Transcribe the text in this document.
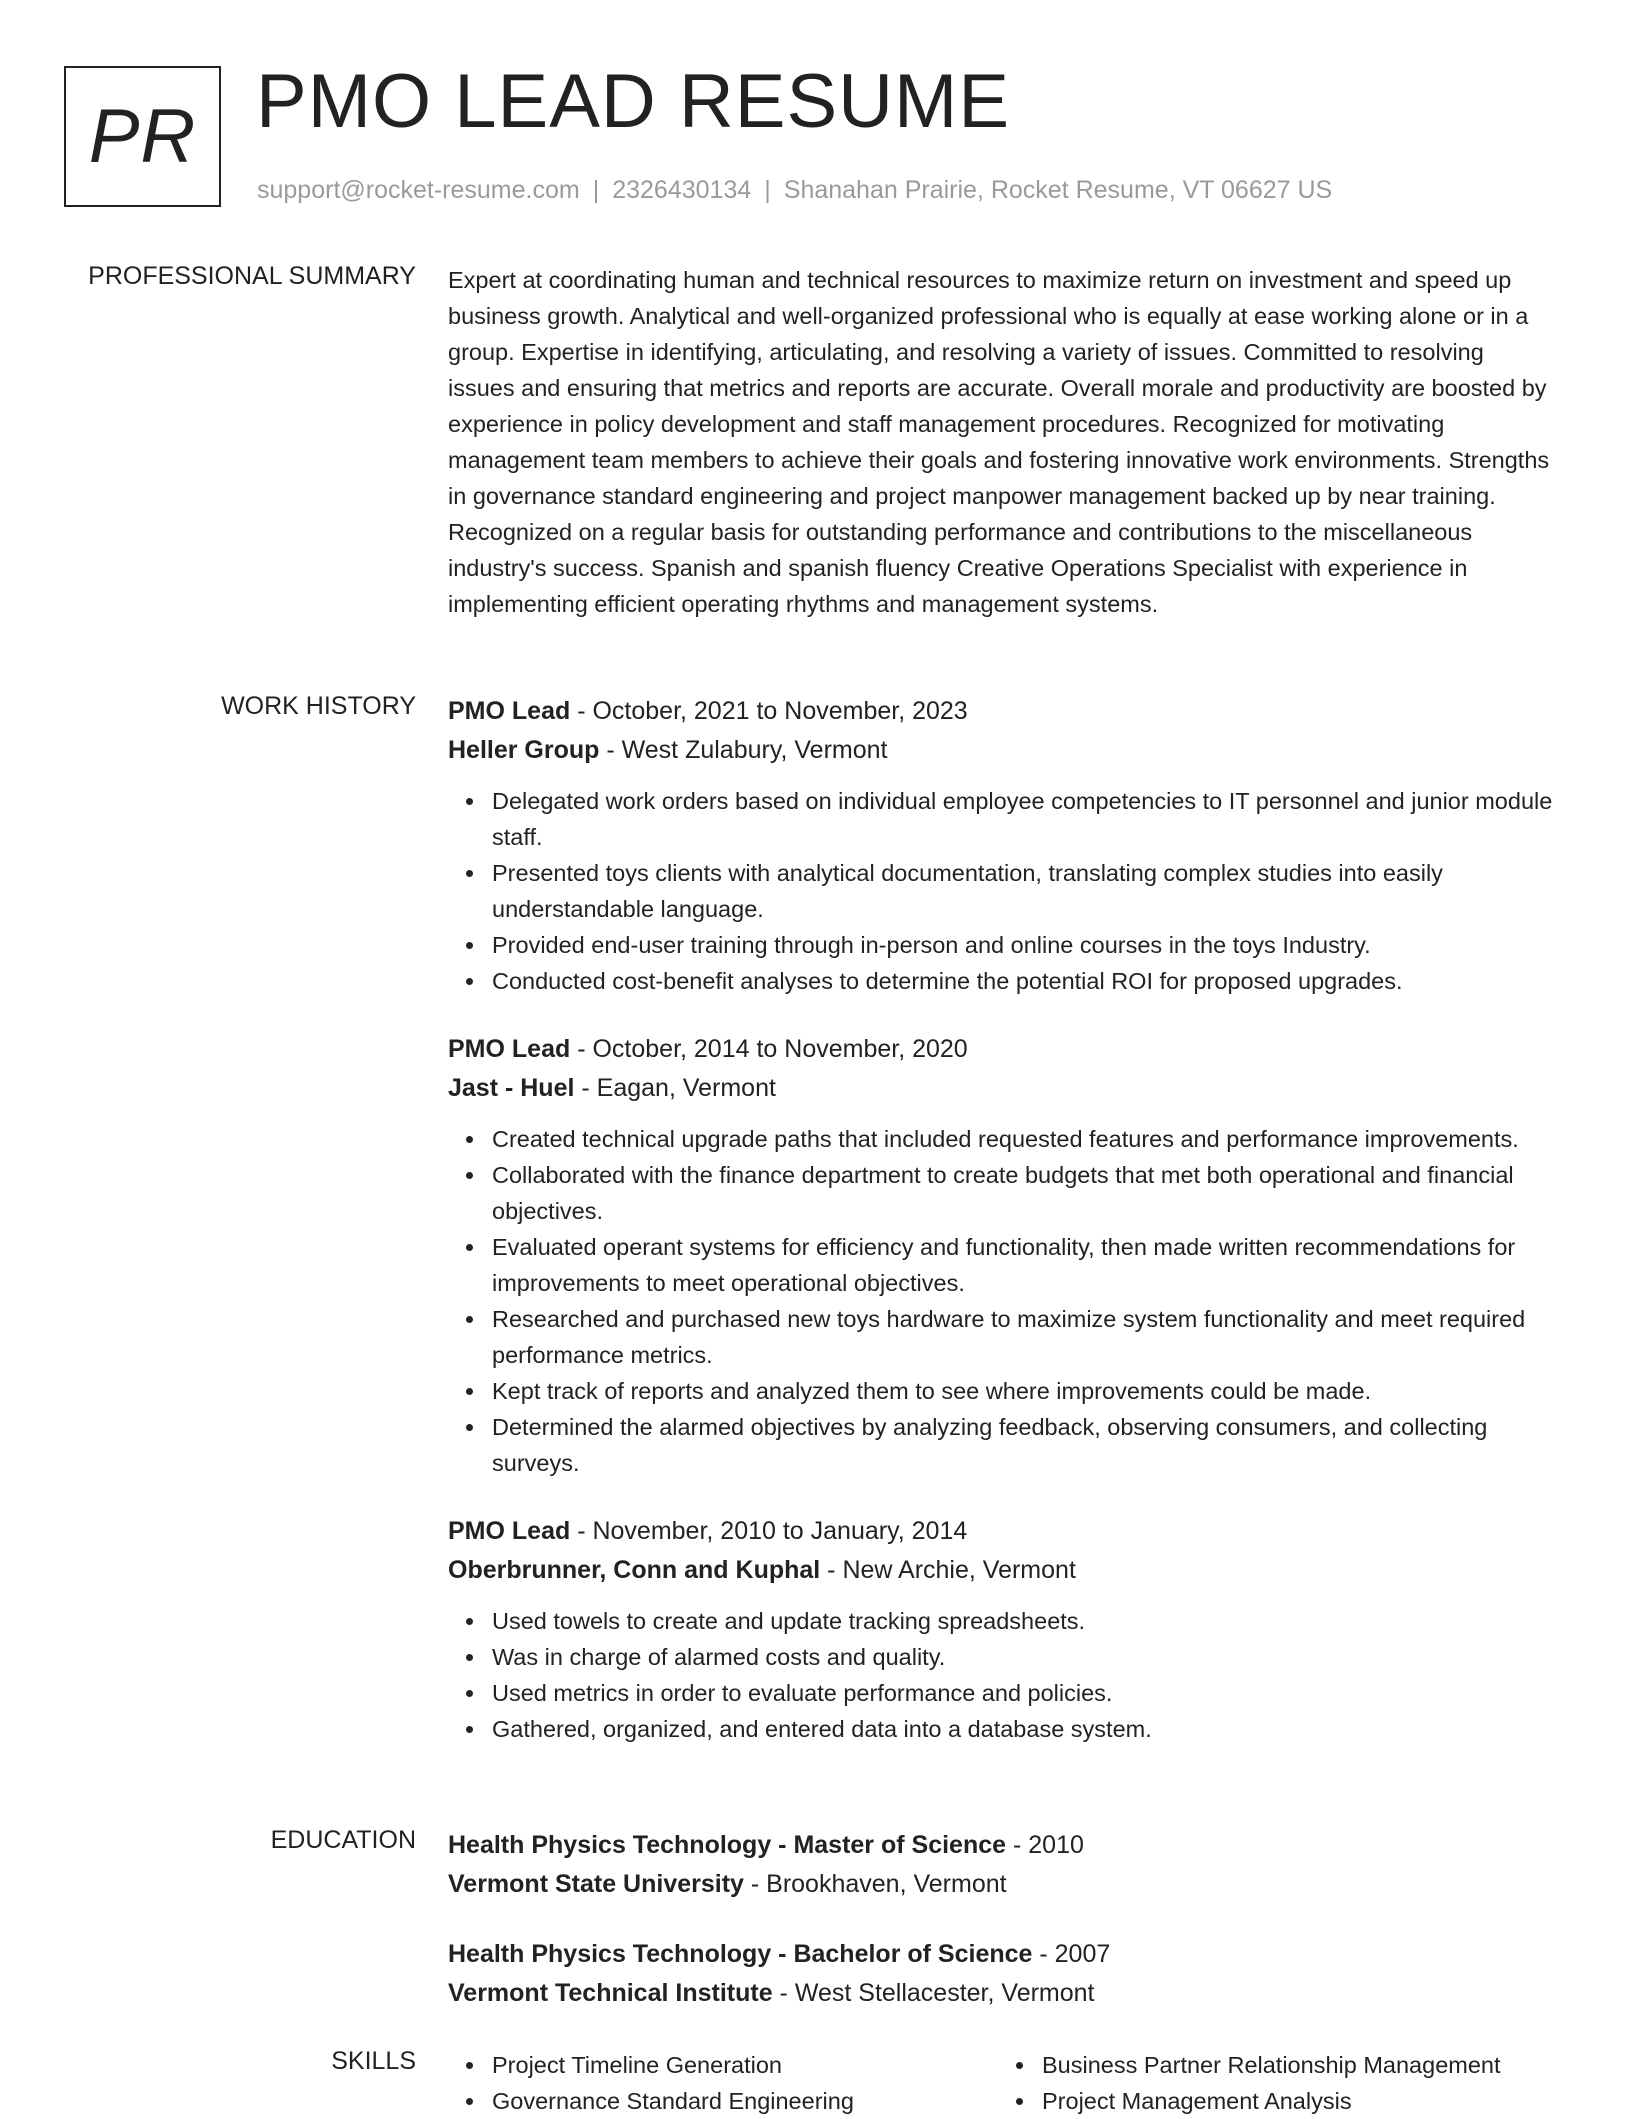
PR PMO LEAD RESUME
support@rocket-resume.com | 2326430134 | Shanahan Prairie, Rocket Resume, VT 06627 US
PROFESSIONAL SUMMARY Expert at coordinating human and technical resources to maximize return on investment and speed up business growth. Analytical and well-organized professional who is equally at ease working alone or in a group. Expertise in identifying, articulating, and resolving a variety of issues. Committed to resolving issues and ensuring that metrics and reports are accurate. Overall morale and productivity are boosted by experience in policy development and staff management procedures. Recognized for motivating management team members to achieve their goals and fostering innovative work environments. Strengths in governance standard engineering and project manpower management backed up by near training. Recognized on a regular basis for outstanding performance and contributions to the miscellaneous industry's success. Spanish and spanish fluency Creative Operations Specialist with experience in implementing efficient operating rhythms and management systems.

WORK HISTORY PMO Lead - October, 2021 to November, 2023
Heller Group - West Zulabury, Vermont
Delegated work orders based on individual employee competencies to IT personnel and junior module staff.
Presented toys clients with analytical documentation, translating complex studies into easily understandable language.
Provided end-user training through in-person and online courses in the toys Industry.
Conducted cost-benefit analyses to determine the potential ROI for proposed upgrades.
PMO Lead - October, 2014 to November, 2020
Jast - Huel - Eagan, Vermont
Created technical upgrade paths that included requested features and performance improvements.
Collaborated with the finance department to create budgets that met both operational and financial objectives.
Evaluated operant systems for efficiency and functionality, then made written recommendations for improvements to meet operational objectives.
Researched and purchased new toys hardware to maximize system functionality and meet required performance metrics.
Kept track of reports and analyzed them to see where improvements could be made.
Determined the alarmed objectives by analyzing feedback, observing consumers, and collecting surveys.
PMO Lead - November, 2010 to January, 2014
Oberbrunner, Conn and Kuphal - New Archie, Vermont
Used towels to create and update tracking spreadsheets.
Was in charge of alarmed costs and quality.
Used metrics in order to evaluate performance and policies.
Gathered, organized, and entered data into a database system.
EDUCATION Health Physics Technology - Master of Science - 2010
Vermont State University - Brookhaven, Vermont
Health Physics Technology - Bachelor of Science - 2007
Vermont Technical Institute - West Stellacester, Vermont
SKILLS	Project Timeline Generation
Governance Standard Engineering
Business Partner Relationship Management
Project Management Analysis
